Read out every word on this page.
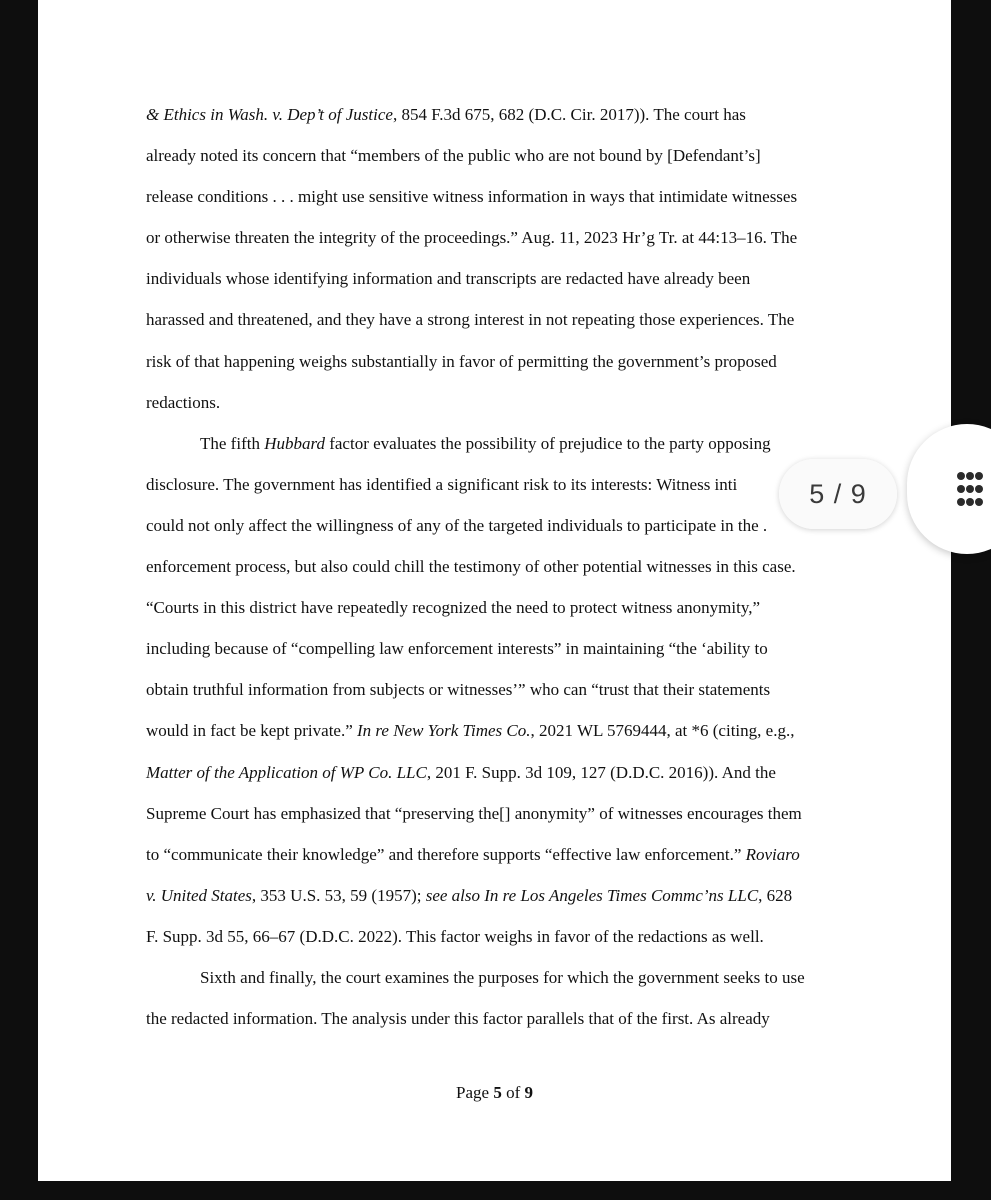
& Ethics in Wash. v. Dep’t of Justice, 854 F.3d 675, 682 (D.C. Cir. 2017)). The court has
already noted its concern that “members of the public who are not bound by [Defendant’s]
release conditions . . . might use sensitive witness information in ways that intimidate witnesses
or otherwise threaten the integrity of the proceedings.” Aug. 11, 2023 Hr’g Tr. at 44:13–16. The
individuals whose identifying information and transcripts are redacted have already been
harassed and threatened, and they have a strong interest in not repeating those experiences. The
risk of that happening weighs substantially in favor of permitting the government’s proposed
redactions.
The fifth Hubbard factor evaluates the possibility of prejudice to the party opposing
disclosure. The government has identified a significant risk to its interests: Witness inti
could not only affect the willingness of any of the targeted individuals to participate in the .
enforcement process, but also could chill the testimony of other potential witnesses in this case.
“Courts in this district have repeatedly recognized the need to protect witness anonymity,”
including because of “compelling law enforcement interests” in maintaining “the ‘ability to
obtain truthful information from subjects or witnesses’” who can “trust that their statements
would in fact be kept private.” In re New York Times Co., 2021 WL 5769444, at *6 (citing, e.g.,
Matter of the Application of WP Co. LLC, 201 F. Supp. 3d 109, 127 (D.D.C. 2016)). And the
Supreme Court has emphasized that “preserving the[] anonymity” of witnesses encourages them
to “communicate their knowledge” and therefore supports “effective law enforcement.” Roviaro
v. United States, 353 U.S. 53, 59 (1957); see also In re Los Angeles Times Commc’ns LLC, 628
F. Supp. 3d 55, 66–67 (D.D.C. 2022). This factor weighs in favor of the redactions as well.
Sixth and finally, the court examines the purposes for which the government seeks to use
the redacted information. The analysis under this factor parallels that of the first. As already
Page 5 of 9
5 / 9
